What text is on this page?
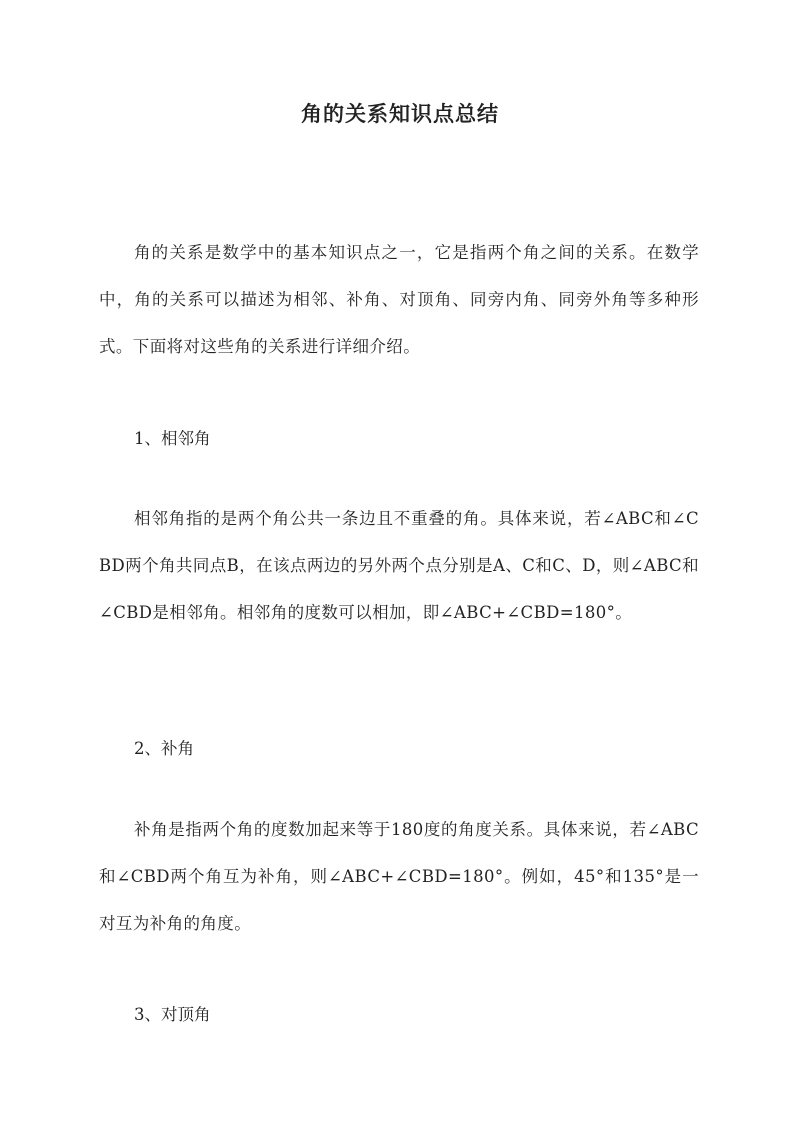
角的关系知识点总结

角的关系是数学中的基本知识点之一，它是指两个角之间的关系。在数学中，角的关系可以描述为相邻、补角、对顶角、同旁内角、同旁外角等多种形式。下面将对这些角的关系进行详细介绍。

1、相邻角

相邻角指的是两个角公共一条边且不重叠的角。具体来说，若∠ABC和∠CBD两个角共同点B，在该点两边的另外两个点分别是A、C和C、D，则∠ABC和∠CBD是相邻角。相邻角的度数可以相加，即∠ABC+∠CBD=180°。

2、补角

补角是指两个角的度数加起来等于180度的角度关系。具体来说，若∠ABC和∠CBD两个角互为补角，则∠ABC+∠CBD=180°。例如，45°和135°是一对互为补角的角度。

3、对顶角
